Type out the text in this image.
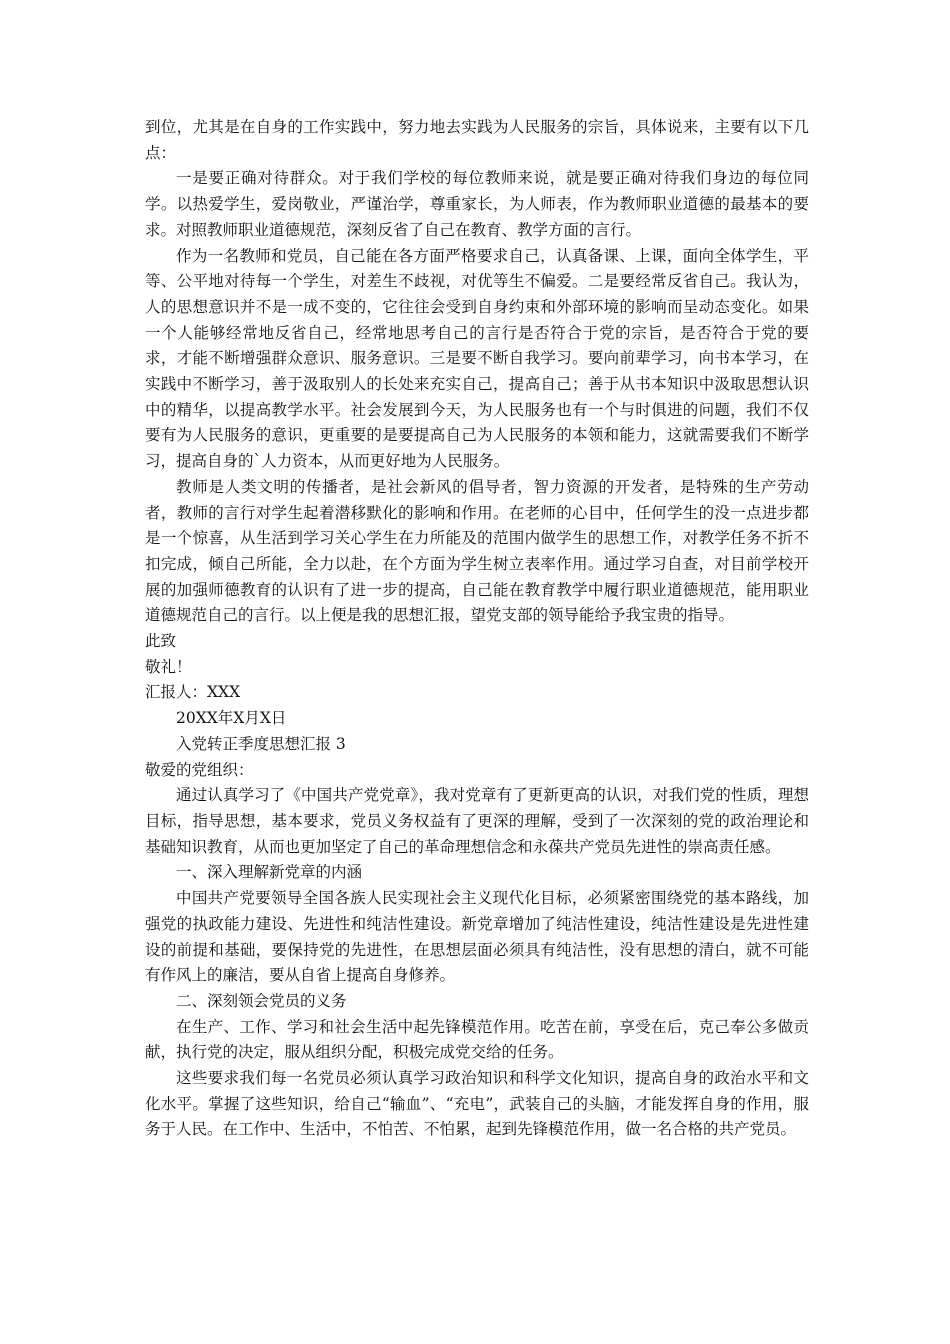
到位，尤其是在自身的工作实践中，努力地去实践为人民服务的宗旨，具体说来，主要有以下几点：

一是要正确对待群众。对于我们学校的每位教师来说，就是要正确对待我们身边的每位同学。以热爱学生，爱岗敬业，严谨治学，尊重家长，为人师表，作为教师职业道德的最基本的要求。对照教师职业道德规范，深刻反省了自己在教育、教学方面的言行。

作为一名教师和党员，自己能在各方面严格要求自己，认真备课、上课，面向全体学生，平等、公平地对待每一个学生，对差生不歧视，对优等生不偏爱。二是要经常反省自己。我认为，人的思想意识并不是一成不变的，它往往会受到自身约束和外部环境的影响而呈动态变化。如果一个人能够经常地反省自己，经常地思考自己的言行是否符合于党的宗旨，是否符合于党的要求，才能不断增强群众意识、服务意识。三是要不断自我学习。要向前辈学习，向书本学习，在实践中不断学习，善于汲取别人的长处来充实自己，提高自己；善于从书本知识中汲取思想认识中的精华，以提高教学水平。社会发展到今天，为人民服务也有一个与时俱进的问题，我们不仅要有为人民服务的意识，更重要的是要提高自己为人民服务的本领和能力，这就需要我们不断学习，提高自身的`人力资本，从而更好地为人民服务。

教师是人类文明的传播者，是社会新风的倡导者，智力资源的开发者，是特殊的生产劳动者，教师的言行对学生起着潜移默化的影响和作用。在老师的心目中，任何学生的没一点进步都是一个惊喜，从生活到学习关心学生在力所能及的范围内做学生的思想工作，对教学任务不折不扣完成，倾自己所能，全力以赴，在个方面为学生树立表率作用。通过学习自查，对目前学校开展的加强师德教育的认识有了进一步的提高，自己能在教育教学中履行职业道德规范，能用职业道德规范自己的言行。以上便是我的思想汇报，望党支部的领导能给予我宝贵的指导。

此致

敬礼！

汇报人：XXX

20XX年X月X日

入党转正季度思想汇报 3

敬爱的党组织：

通过认真学习了《中国共产党党章》，我对党章有了更新更高的认识，对我们党的性质，理想目标，指导思想，基本要求，党员义务权益有了更深的理解，受到了一次深刻的党的政治理论和基础知识教育，从而也更加坚定了自己的革命理想信念和永葆共产党员先进性的崇高责任感。

一、深入理解新党章的内涵

中国共产党要领导全国各族人民实现社会主义现代化目标，必须紧密围绕党的基本路线，加强党的执政能力建设、先进性和纯洁性建设。新党章增加了纯洁性建设，纯洁性建设是先进性建设的前提和基础，要保持党的先进性，在思想层面必须具有纯洁性，没有思想的清白，就不可能有作风上的廉洁，要从自省上提高自身修养。

二、深刻领会党员的义务

在生产、工作、学习和社会生活中起先锋模范作用。吃苦在前，享受在后，克己奉公多做贡献，执行党的决定，服从组织分配，积极完成党交给的任务。

这些要求我们每一名党员必须认真学习政治知识和科学文化知识，提高自身的政治水平和文化水平。掌握了这些知识，给自己“输血”、“充电”，武装自己的头脑，才能发挥自身的作用，服务于人民。在工作中、生活中，不怕苦、不怕累，起到先锋模范作用，做一名合格的共产党员。
